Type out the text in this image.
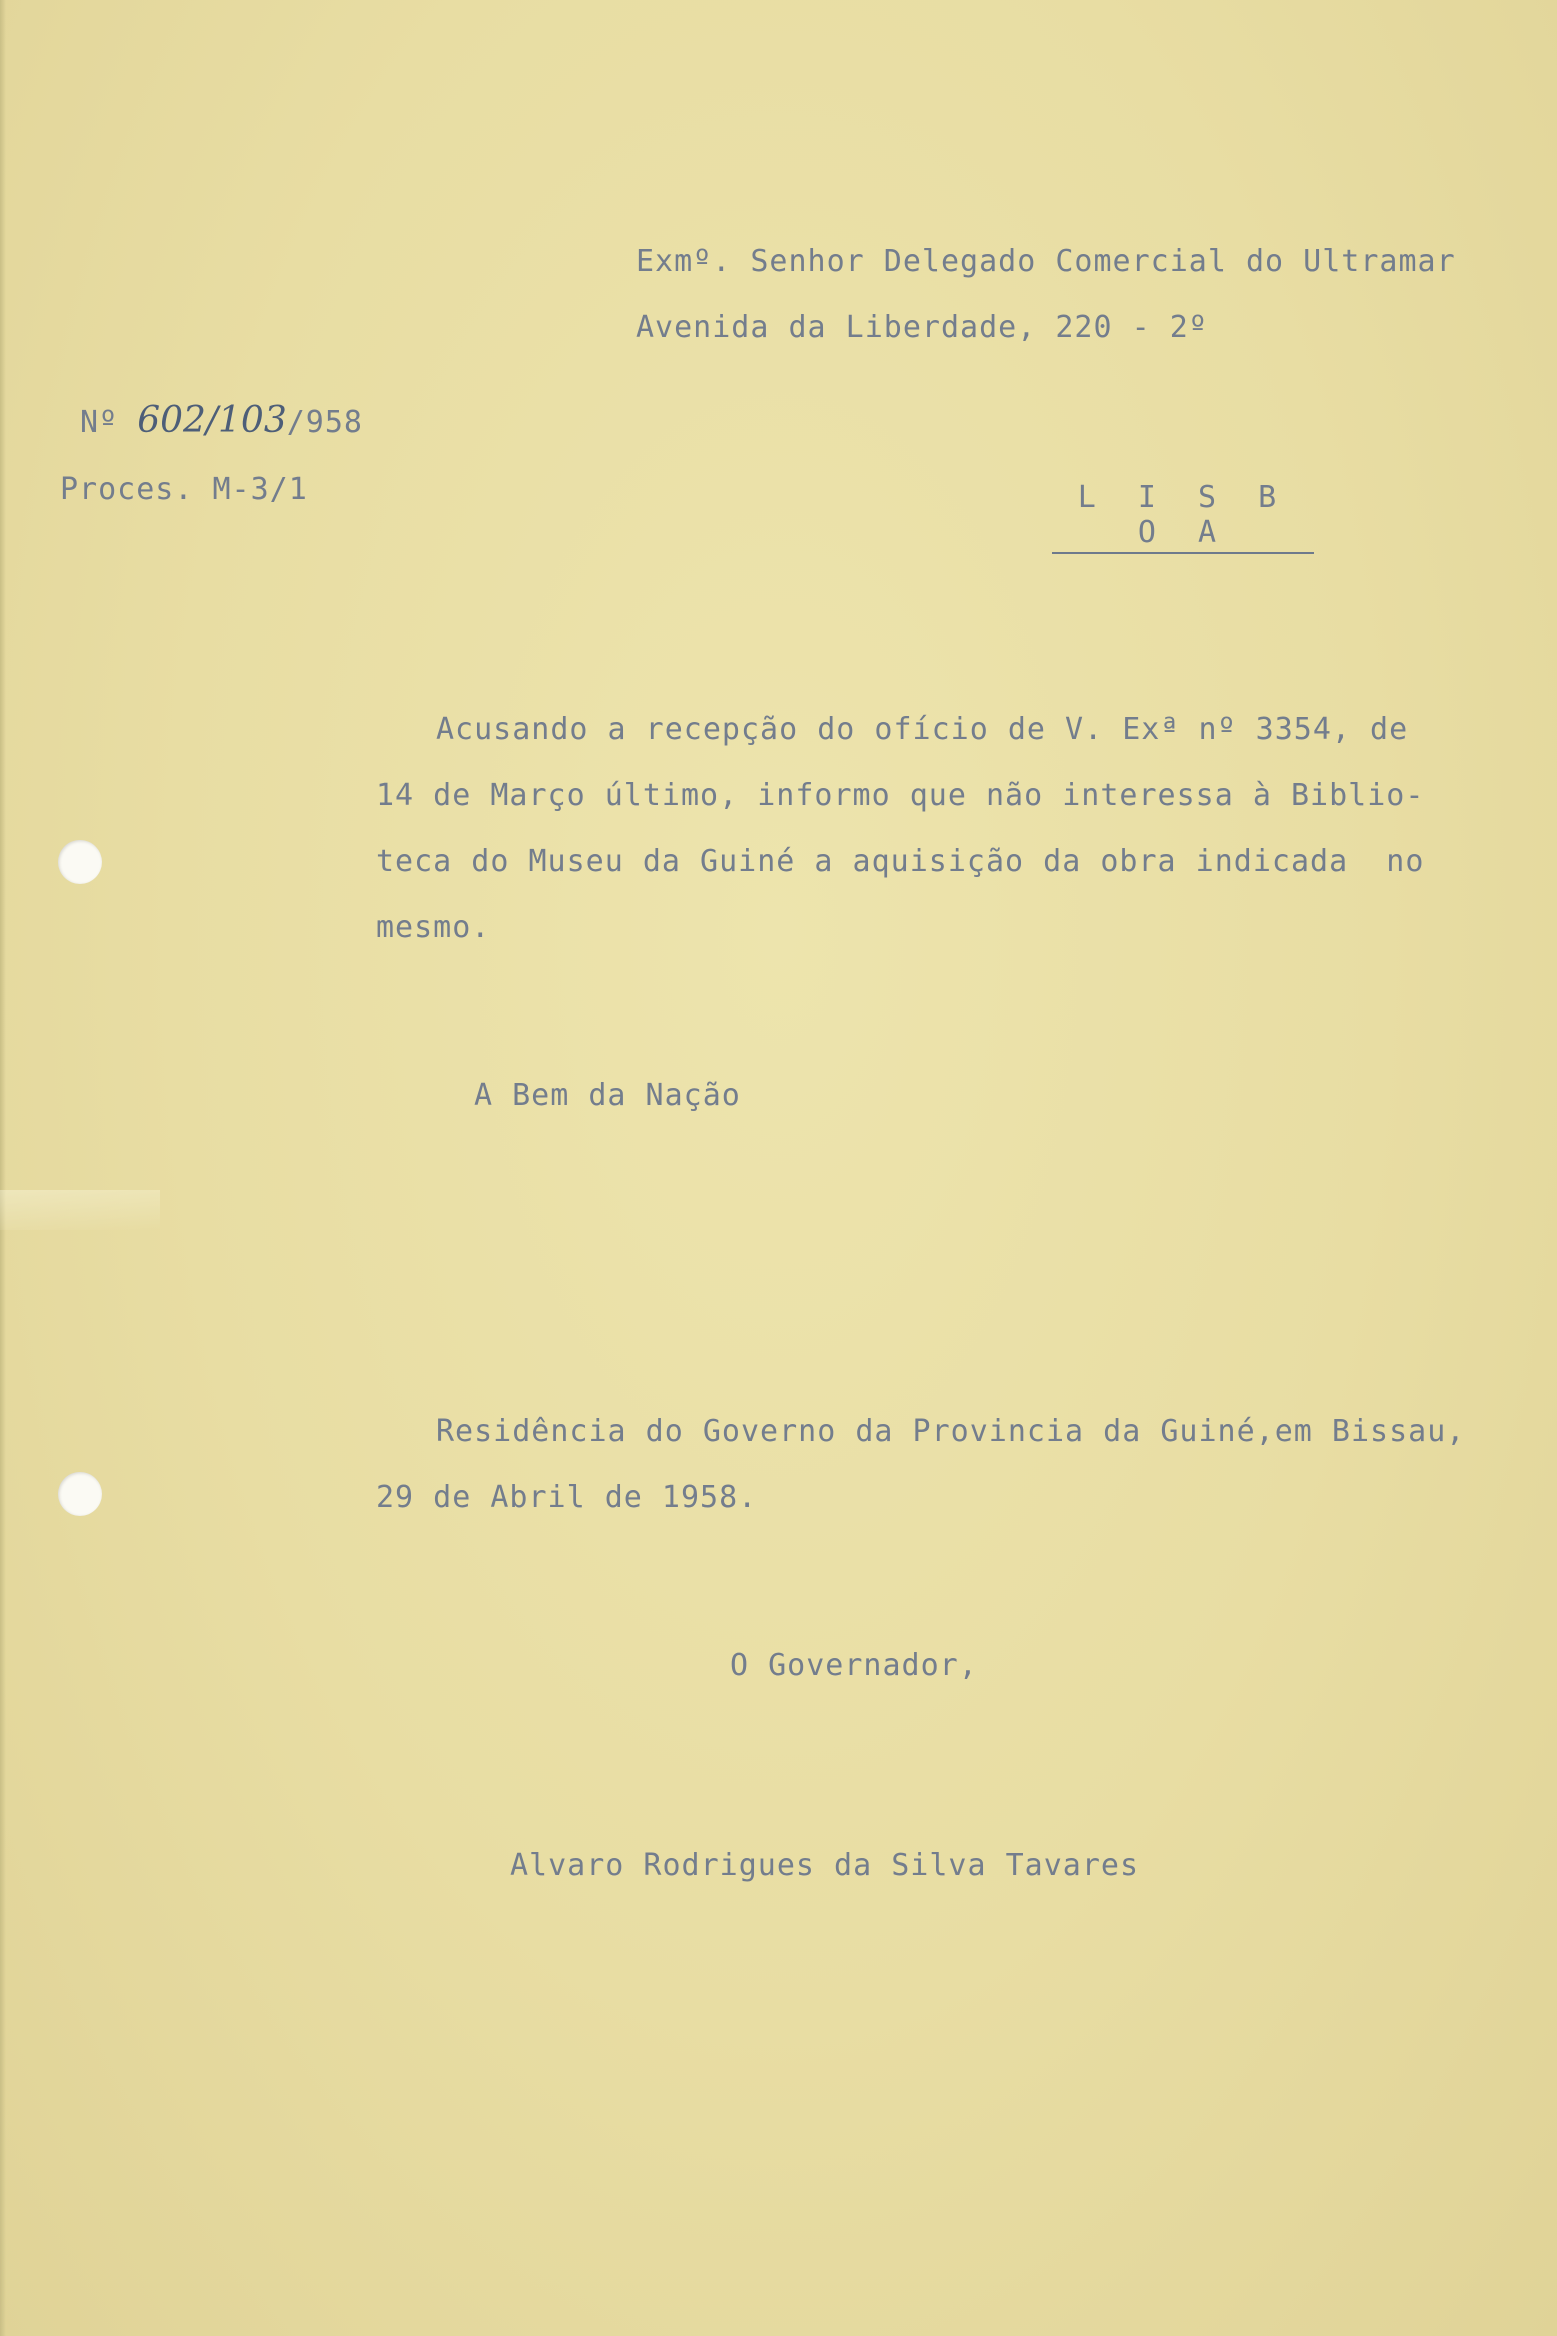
Exmº. Senhor Delegado Comercial do Ultramar
Avenida da Liberdade, 220 - 2º
Nº 602/103/958
Proces. M-3/1	L I S B O A
Acusando a recepção do ofício de V. Exª nº 3354, de
14 de Março último, informo que não interessa à Biblio-
teca do Museu da Guiné a aquisição da obra indicada  no
mesmo.
A Bem da Nação
Residência do Governo da Provincia da Guiné,em Bissau,
29 de Abril de 1958.
O Governador,
Alvaro Rodrigues da Silva Tavares
